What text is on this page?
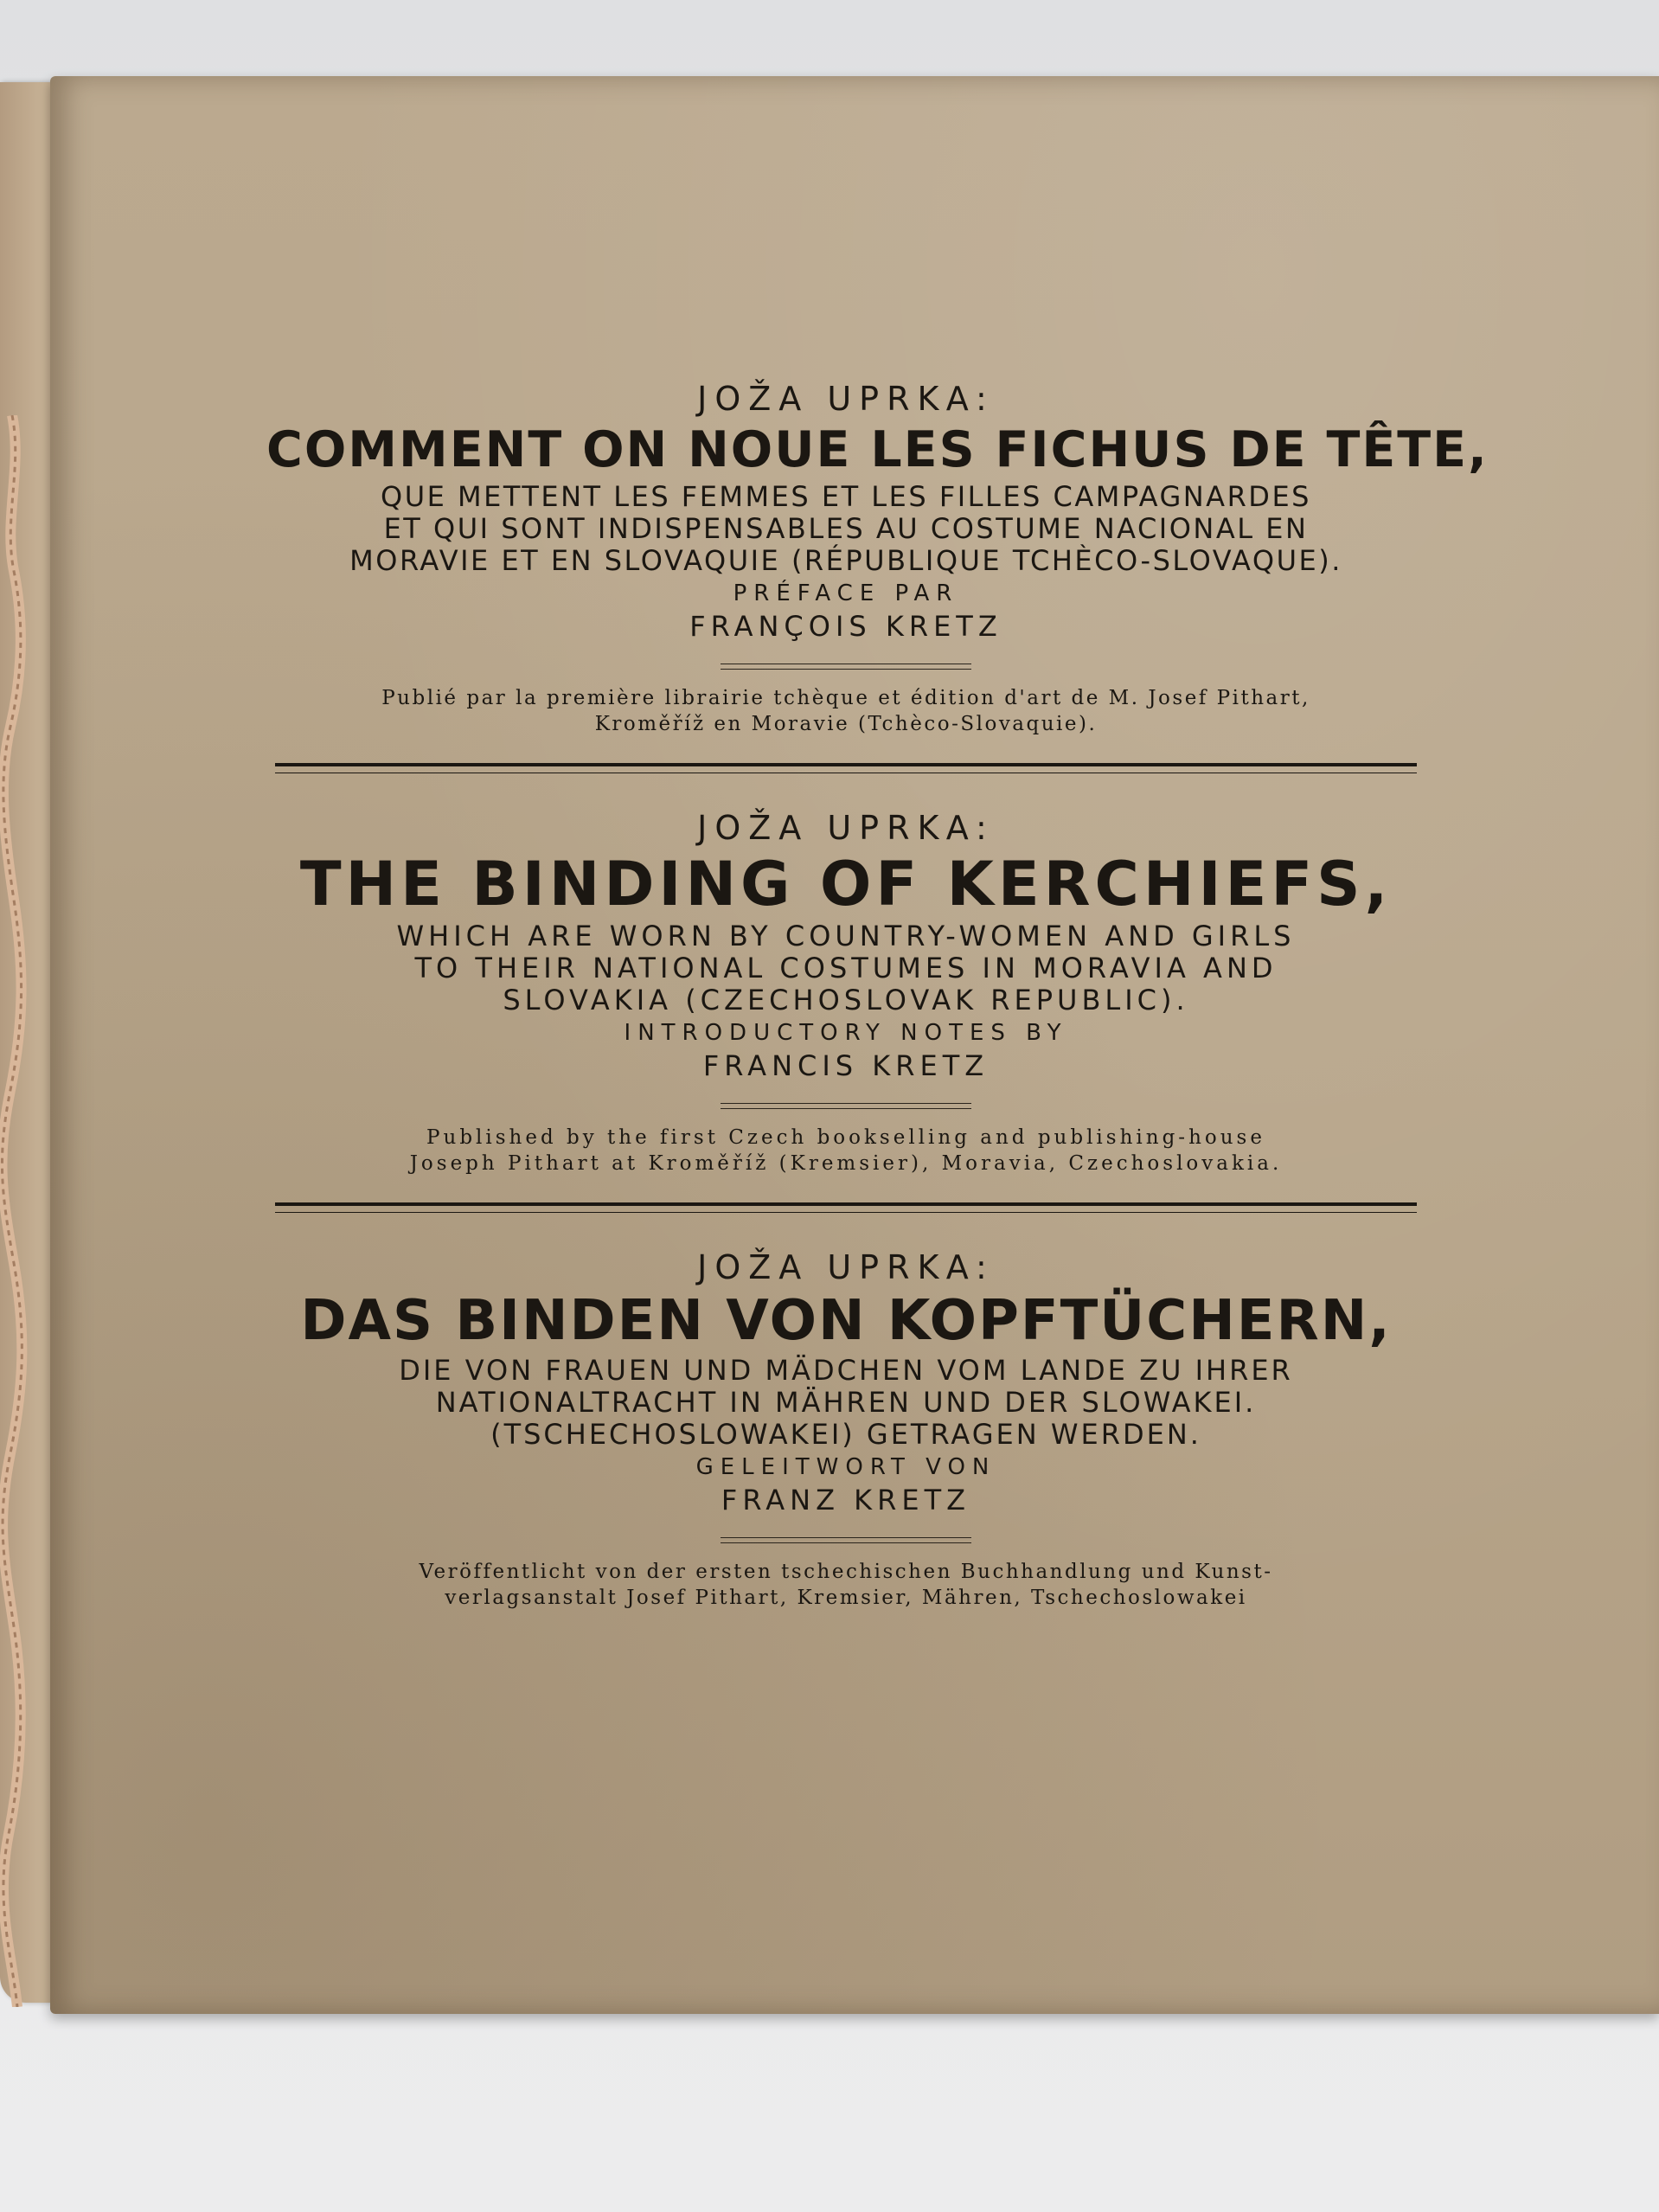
JOŽA UPRKA:

COMMENT ON NOUE LES FICHUS DE TÊTE,

QUE METTENT LES FEMMES ET LES FILLES CAMPAGNARDES

ET QUI SONT INDISPENSABLES AU COSTUME NACIONAL EN

MORAVIE ET EN SLOVAQUIE (RÉPUBLIQUE TCHÈCO-SLOVAQUE).

PRÉFACE PAR

FRANÇOIS KRETZ

Publié par la première librairie tchèque et édition d'art de M. Josef Pithart,

Kroměříž en Moravie (Tchèco-Slovaquie).

JOŽA UPRKA:

THE BINDING OF KERCHIEFS,

WHICH ARE WORN BY COUNTRY-WOMEN AND GIRLS

TO THEIR NATIONAL COSTUMES IN MORAVIA AND

SLOVAKIA (CZECHOSLOVAK REPUBLIC).

INTRODUCTORY NOTES BY

FRANCIS KRETZ

Published by the first Czech bookselling and publishing-house

Joseph Pithart at Kroměříž (Kremsier), Moravia, Czechoslovakia.

JOŽA UPRKA:

DAS BINDEN VON KOPFTÜCHERN,

DIE VON FRAUEN UND MÄDCHEN VOM LANDE ZU IHRER

NATIONALTRACHT IN MÄHREN UND DER SLOWAKEI.

(TSCHECHOSLOWAKEI) GETRAGEN WERDEN.

GELEITWORT VON

FRANZ KRETZ

Veröffentlicht von der ersten tschechischen Buchhandlung und Kunst-

verlagsanstalt Josef Pithart, Kremsier, Mähren, Tschechoslowakei
